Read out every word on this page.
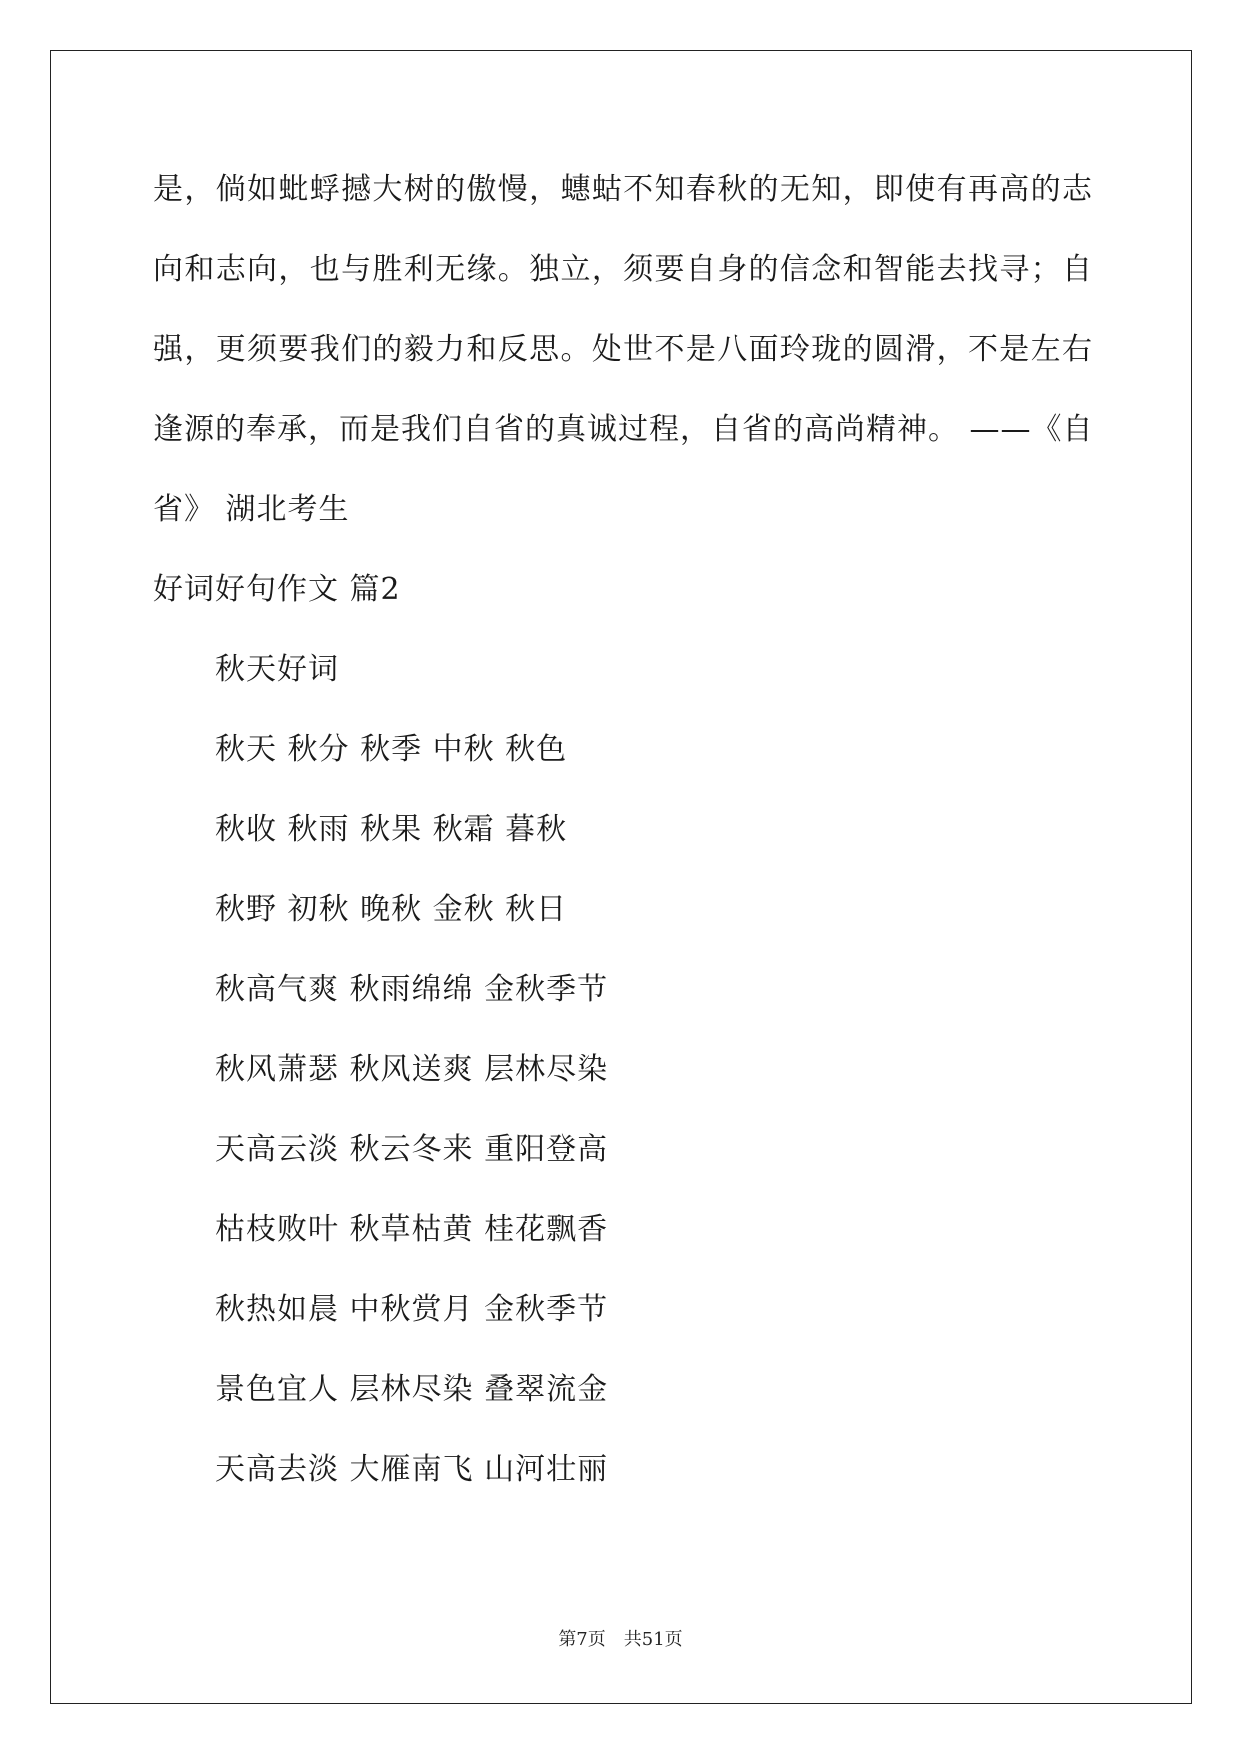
是，倘如蚍蜉撼大树的傲慢，蟪蛄不知春秋的无知，即使有再高的志
向和志向，也与胜利无缘。独立，须要自身的信念和智能去找寻；自
强，更须要我们的毅力和反思。处世不是八面玲珑的圆滑，不是左右
逢源的奉承，而是我们自省的真诚过程，自省的高尚精神。 ——《自
省》 湖北考生
好词好句作文 篇2
秋天好词
秋天 秋分 秋季 中秋 秋色
秋收 秋雨 秋果 秋霜 暮秋
秋野 初秋 晚秋 金秋 秋日
秋高气爽 秋雨绵绵 金秋季节
秋风萧瑟 秋风送爽 层林尽染
天高云淡 秋云冬来 重阳登高
枯枝败叶 秋草枯黄 桂花飘香
秋热如晨 中秋赏月 金秋季节
景色宜人 层林尽染 叠翠流金
天高去淡 大雁南飞 山河壮丽
第7页　共51页
